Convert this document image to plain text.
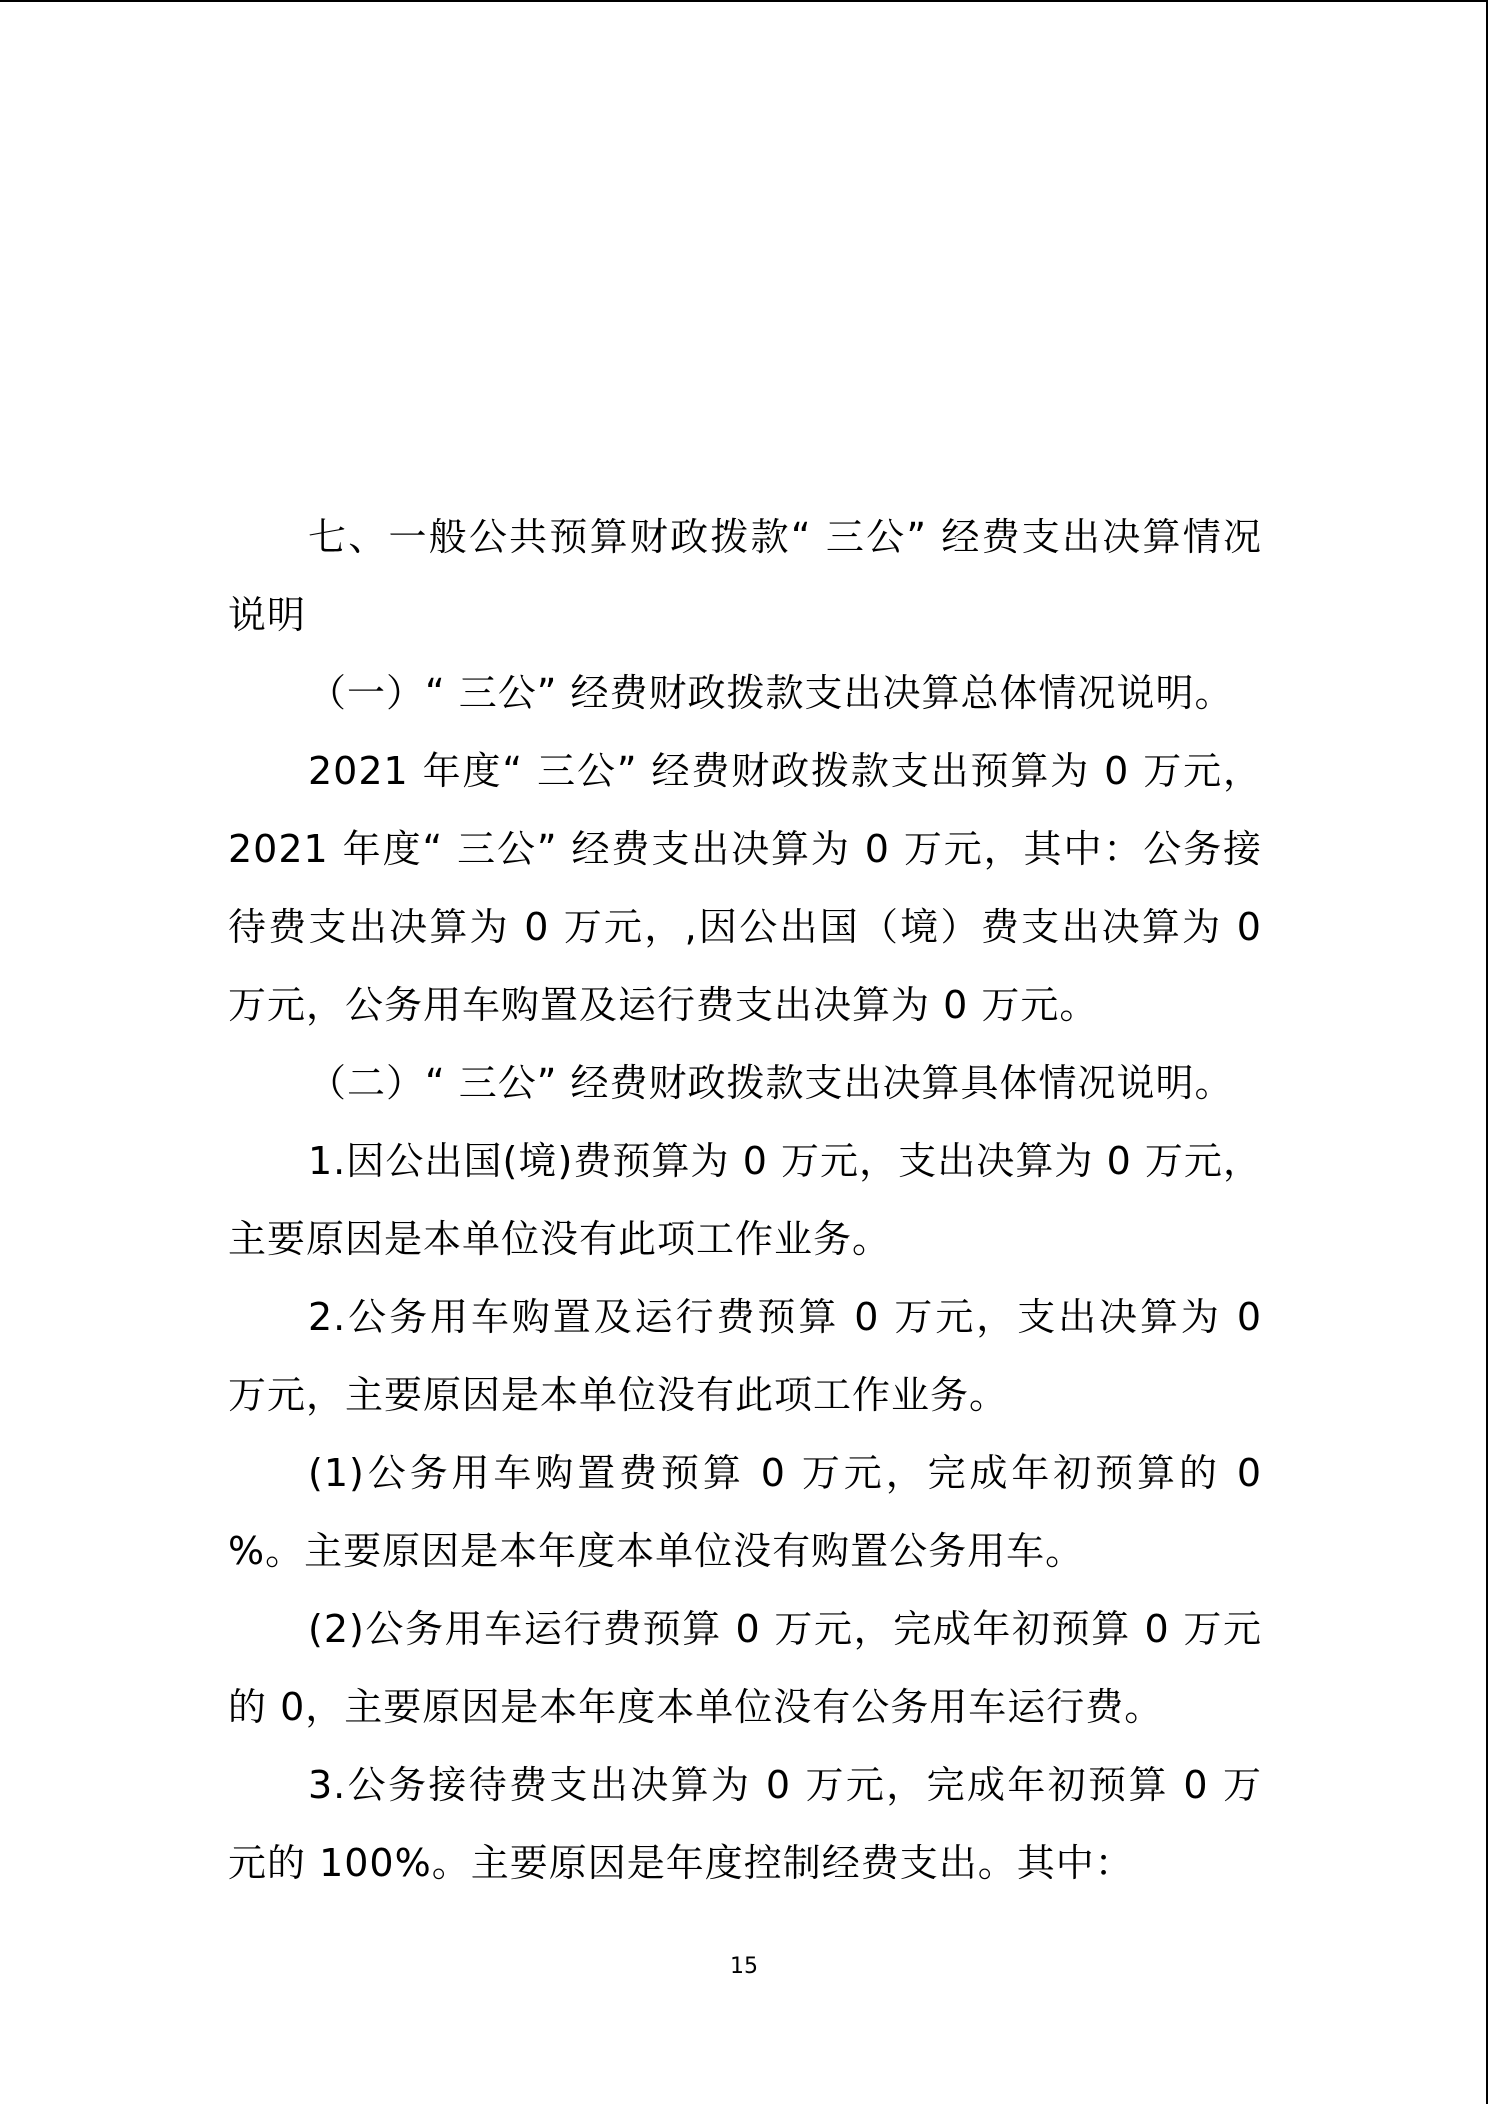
七、一般公共预算财政拨款“ 三公” 经费支出决算情况说明

（一）“ 三公” 经费财政拨款支出决算总体情况说明。

2021 年度“ 三公” 经费财政拨款支出预算为 0 万元，2021 年度“ 三公” 经费支出决算为 0 万元，其中：公务接待费支出决算为 0 万元，,因公出国（境）费支出决算为 0 万元，公务用车购置及运行费支出决算为 0 万元。

（二）“ 三公” 经费财政拨款支出决算具体情况说明。

1.因公出国(境)费预算为 0 万元，支出决算为 0 万元，主要原因是本单位没有此项工作业务。

2.公务用车购置及运行费预算 0 万元，支出决算为 0 万元，主要原因是本单位没有此项工作业务。

(1)公务用车购置费预算 0 万元，完成年初预算的 0 %。主要原因是本年度本单位没有购置公务用车。

(2)公务用车运行费预算 0 万元，完成年初预算 0 万元的 0，主要原因是本年度本单位没有公务用车运行费。

3.公务接待费支出决算为 0 万元，完成年初预算 0 万元的 100%。主要原因是年度控制经费支出。其中：

15
